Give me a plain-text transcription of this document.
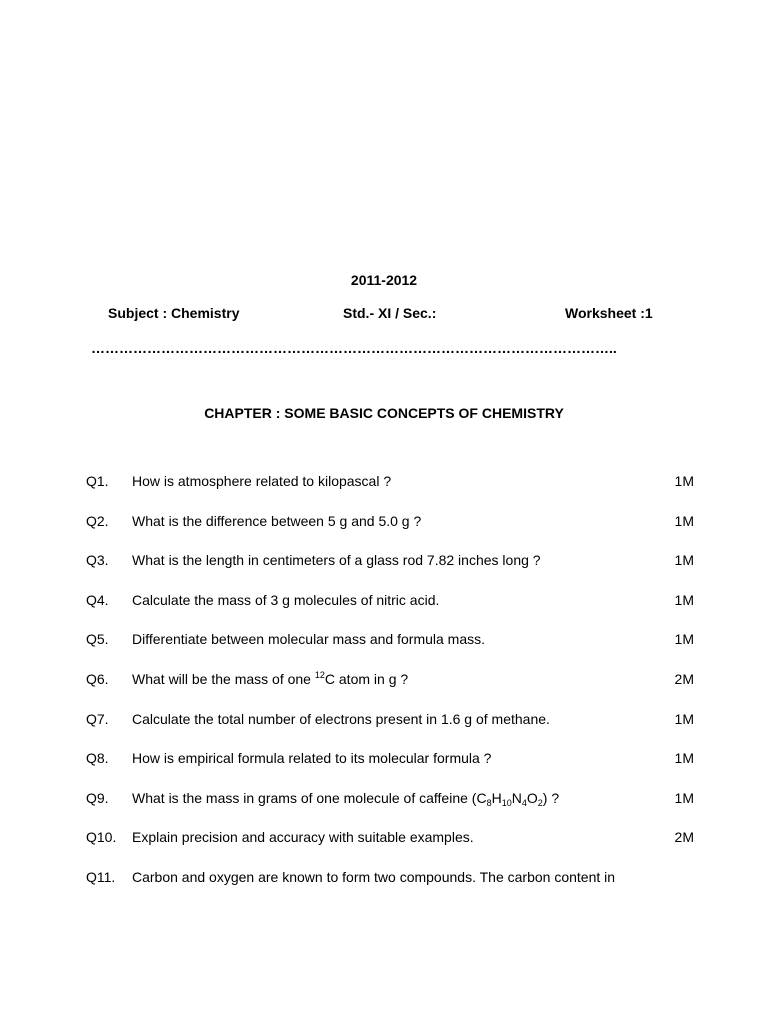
2011-2012
Subject : Chemistry	Std.- XI / Sec.:	Worksheet :1
…………………………………………………………………………………………………..
CHAPTER : SOME BASIC CONCEPTS OF CHEMISTRY
Q1. How is atmosphere related to kilopascal ?	1M
Q2. What is the difference between 5 g and 5.0 g ?	1M
Q3. What is the length in centimeters of a glass rod 7.82 inches long ?	1M
Q4. Calculate the mass of 3 g molecules of nitric acid.	1M
Q5. Differentiate between molecular mass and formula mass.	1M
Q6. What will be the mass of one $^{12}$C atom in g ?	2M
Q7. Calculate the total number of electrons present in 1.6 g of methane.	1M
Q8. How is empirical formula related to its molecular formula ?	1M
Q9. What is the mass in grams of one molecule of caffeine $(C_8H_{10}N_4O_2)$ ?	1M
Q10. Explain precision and accuracy with suitable examples.	2M
Q11. Carbon and oxygen are known to form two compounds. The carbon content in
